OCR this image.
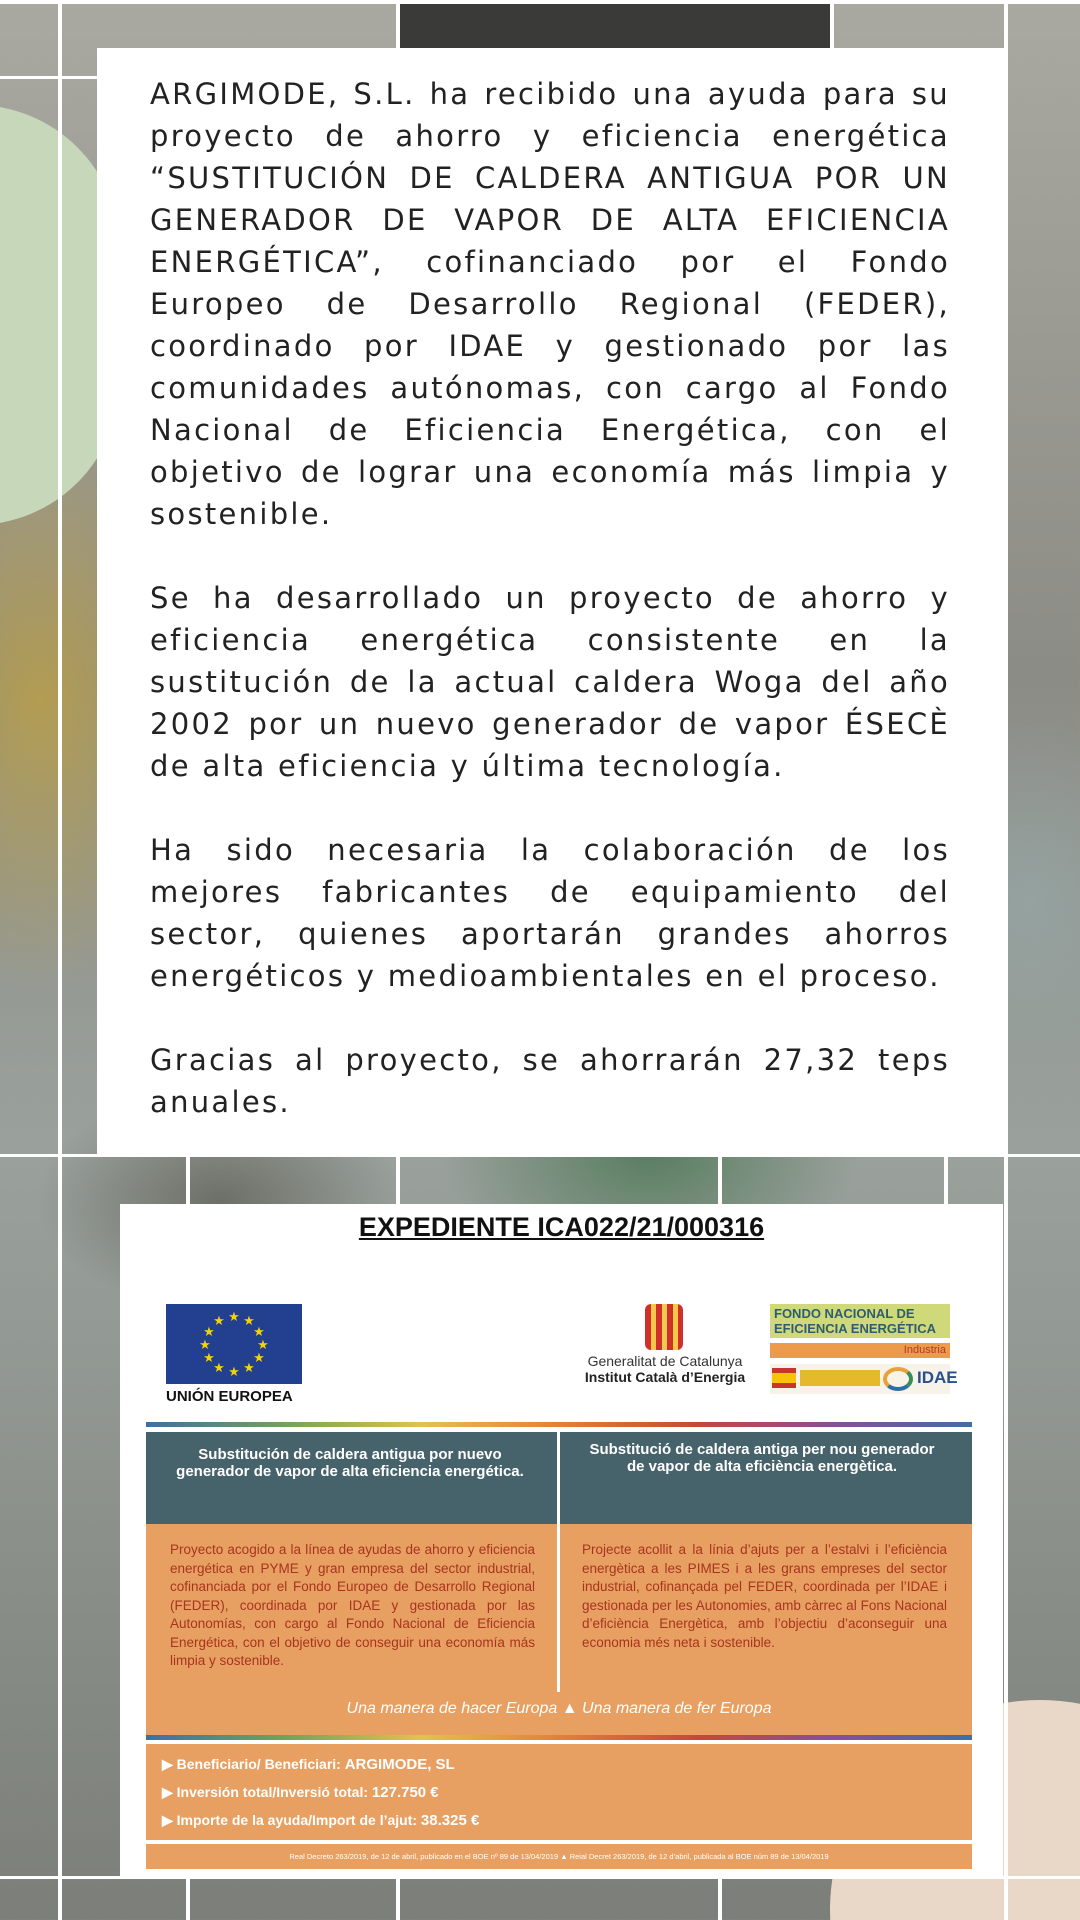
ARGIMODE, S.L. ha recibido una ayuda para su proyecto de ahorro y eficiencia energética “SUSTITUCIÓN DE CALDERA ANTIGUA POR UN GENERADOR DE VAPOR DE ALTA EFICIENCIA ENERGÉTICA”, cofinanciado por el Fondo Europeo de Desarrollo Regional (FEDER), coordinado por IDAE y gestionado por las comunidades autónomas, con cargo al Fondo Nacional de Eficiencia Energética, con el objetivo de lograr una economía más limpia y sostenible.

Se ha desarrollado un proyecto de ahorro y eficiencia energética consistente en la sustitución de la actual caldera Woga del año 2002 por un nuevo generador de vapor ÉSECÈ de alta eficiencia y última tecnología.

Ha sido necesaria la colaboración de los mejores fabricantes de equipamiento del sector, quienes aportarán grandes ahorros energéticos y medioambientales en el proceso.

Gracias al proyecto, se ahorrarán 27,32 teps anuales.

EXPEDIENTE ICA022/21/000316
★ ★
★
★
★
★
★
★
★
★
★
★
UNIÓN EUROPEA
Generalitat de Catalunya
Institut Català d’Energia
FONDO NACIONAL DE EFICIENCIA ENERGÉTICA
Industria
IDAE
Substitución de caldera antigua por nuevo generador de vapor de alta eficiencia energética.
Substitució de caldera antiga per nou generador de vapor de alta eficiència energètica.
Proyecto acogido a la línea de ayudas de ahorro y eficiencia energética en PYME y gran empresa del sector industrial, cofinanciada por el Fondo Europeo de Desarrollo Regional (FEDER), coordinada por IDAE y gestionada por las Autonomías, con cargo al Fondo Nacional de Eficiencia Energética, con el objetivo de conseguir una economía más limpia y sostenible.
Projecte acollit a la línia d’ajuts per a l’estalvi i l’eficiència energètica a les PIMES i a les grans empreses del sector industrial, cofinançada pel FEDER, coordinada per l’IDAE i gestionada per les Autonomies, amb càrrec al Fons Nacional d’eficiència Energètica, amb l’objectiu d’aconseguir una economia més neta i sostenible.
Una manera de hacer Europa ▲ Una manera de fer Europa
▶ Beneficiario/ Beneficiari: ARGIMODE, SL
▶ Inversión total/Inversió total: 127.750 €
▶ Importe de la ayuda/Import de l’ajut: 38.325 €
Real Decreto 263/2019, de 12 de abril, publicado en el BOE nº 89 de 13/04/2019 ▲ Reial Decret 263/2019, de 12 d’abril, publicada al BOE núm 89 de 13/04/2019
